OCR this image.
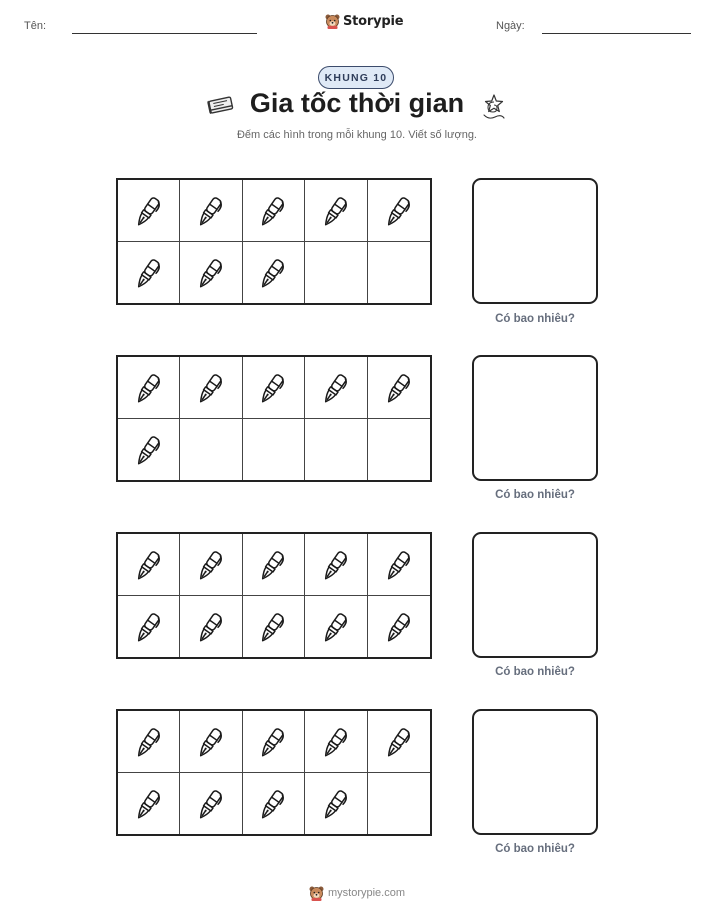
Tên:	Storypie	Ngày:
KHUNG 10
Gia tốc thời gian
Đếm các hình trong mỗi khung 10. Viết số lượng.
Có bao nhiêu?
Có bao nhiêu?
Có bao nhiêu?
Có bao nhiêu?
mystorypie.com
